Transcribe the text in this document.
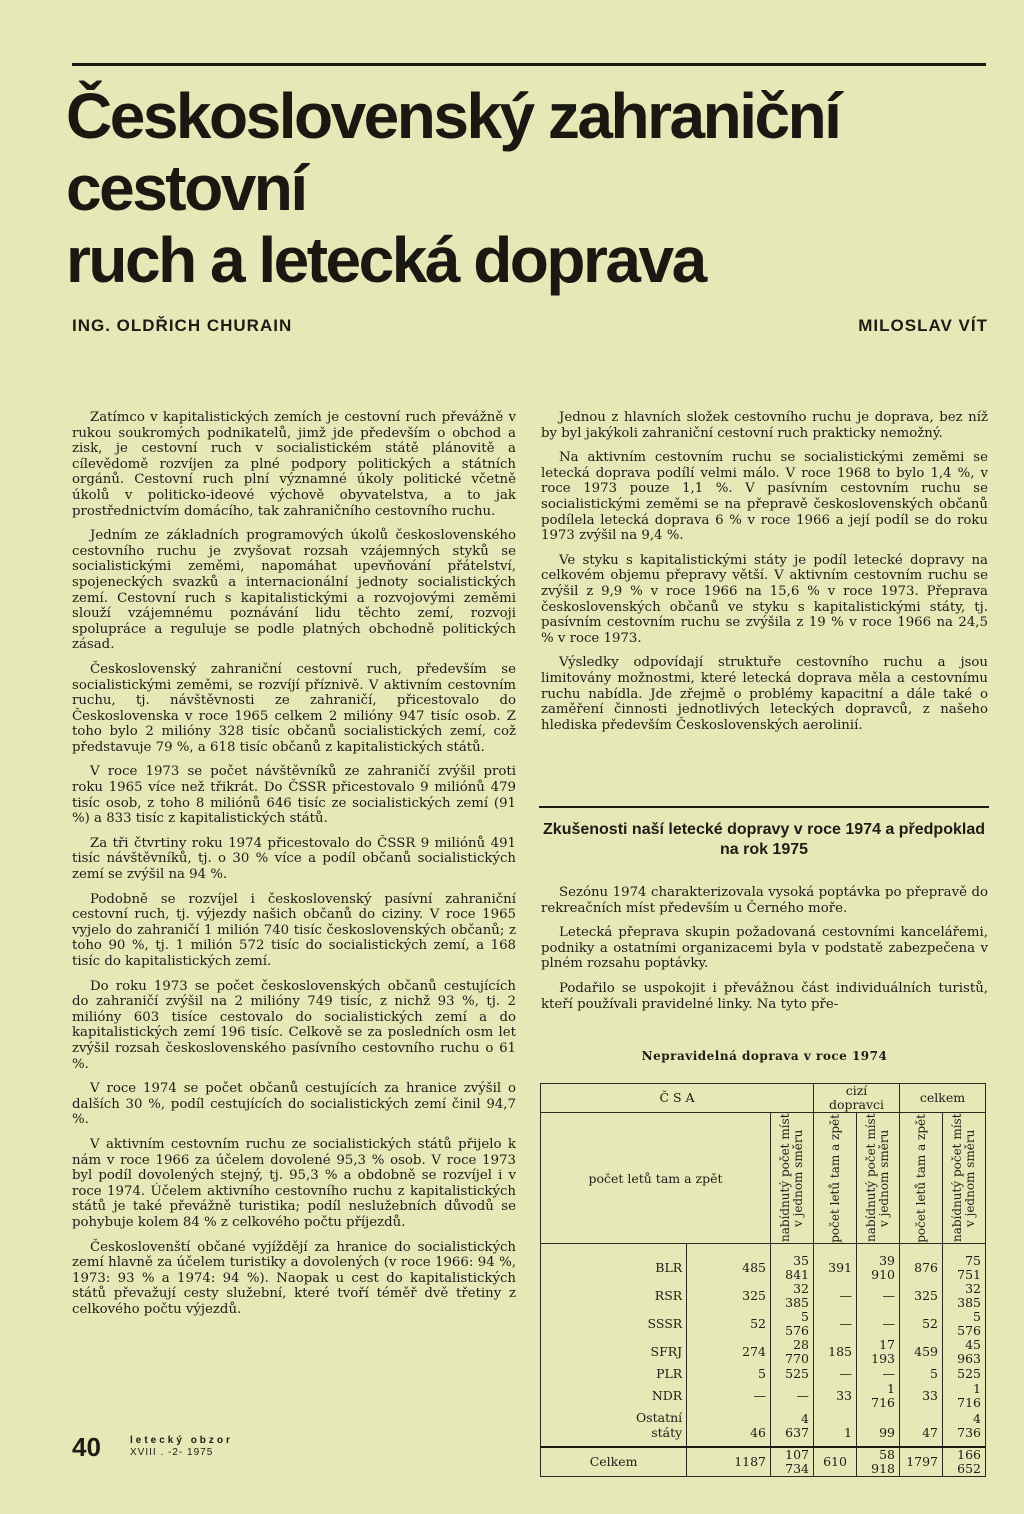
Československý zahraniční cestovní
ruch a letecká doprava
ING. OLDŘICH CHURAIN	MILOSLAV VÍT

Zatímco v kapitalistických zemích je cestovní ruch převážně v rukou soukromých podnikatelů, jimž jde především o obchod a zisk, je cestovní ruch v socialistickém státě plánovitě a cílevědomě rozvíjen za plné podpory politických a státních orgánů. Cestovní ruch plní významné úkoly politické včetně úkolů v politicko-ideové výchově obyvatelstva, a to jak prostřednictvím domácího, tak zahraničního cestovního ruchu.

Jedním ze základních programových úkolů československého cestovního ruchu je zvyšovat rozsah vzájemných styků se socialistickými zeměmi, napomáhat upevňování přátelství, spojeneckých svazků a internacionální jednoty socialistických zemí. Cestovní ruch s kapitalistickými a rozvojovými zeměmi slouží vzájemnému poznávání lidu těchto zemí, rozvoji spolupráce a reguluje se podle platných obchodně politických zásad.

Československý zahraniční cestovní ruch, především se socialistickými zeměmi, se rozvíjí příznivě. V aktivním cestovním ruchu, tj. návštěvnosti ze zahraničí, přicestovalo do Československa v roce 1965 celkem 2 milióny 947 tisíc osob. Z toho bylo 2 milióny 328 tisíc občanů socialistických zemí, což představuje 79 %, a 618 tisíc občanů z kapitalistických států.

V roce 1973 se počet návštěvníků ze zahraničí zvýšil proti roku 1965 více než třikrát. Do ČSSR přicestovalo 9 miliónů 479 tisíc osob, z toho 8 miliónů 646 tisíc ze socialistických zemí (91 %) a 833 tisíc z kapitalistických států.

Za tři čtvrtiny roku 1974 přicestovalo do ČSSR 9 miliónů 491 tisíc návštěvníků, tj. o 30 % více a podíl občanů socialistických zemí se zvýšil na 94 %.

Podobně se rozvíjel i československý pasívní zahraniční cestovní ruch, tj. výjezdy našich občanů do ciziny. V roce 1965 vyjelo do zahraničí 1 milión 740 tisíc československých občanů; z toho 90 %, tj. 1 milión 572 tisíc do socialistických zemí, a 168 tisíc do kapitalistických zemí.

Do roku 1973 se počet československých občanů cestujících do zahraničí zvýšil na 2 milióny 749 tisíc, z nichž 93 %, tj. 2 milióny 603 tisíce cestovalo do socialistických zemí a do kapitalistických zemí 196 tisíc. Celkově se za posledních osm let zvýšil rozsah československého pasívního cestovního ruchu o 61 %.

V roce 1974 se počet občanů cestujících za hranice zvýšil o dalších 30 %, podíl cestujících do socialistických zemí činil 94,7 %.

V aktivním cestovním ruchu ze socialistických států přijelo k nám v roce 1966 za účelem dovolené 95,3 % osob. V roce 1973 byl podíl dovolených stejný, tj. 95,3 % a obdobně se rozvíjel i v roce 1974. Účelem aktivního cestovního ruchu z kapitalistických států je také převážně turistika; podíl neslužebních důvodů se pohybuje kolem 84 % z celkového počtu příjezdů.

Českoslovenští občané vyjíždějí za hranice do socialistických zemí hlavně za účelem turistiky a dovolených (v roce 1966: 94 %, 1973: 93 % a 1974: 94 %). Naopak u cest do kapitalistických států převažují cesty služební, které tvoří téměř dvě třetiny z celkového počtu výjezdů.

Jednou z hlavních složek cestovního ruchu je doprava, bez níž by byl jakýkoli zahraniční cestovní ruch prakticky nemožný.

Na aktivním cestovním ruchu se socialistickými zeměmi se letecká doprava podílí velmi málo. V roce 1968 to bylo 1,4 %, v roce 1973 pouze 1,1 %. V pasívním cestovním ruchu se socialistickými zeměmi se na přepravě československých občanů podílela letecká doprava 6 % v roce 1966 a její podíl se do roku 1973 zvýšil na 9,4 %.

Ve styku s kapitalistickými státy je podíl letecké dopravy na celkovém objemu přepravy větší. V aktivním cestovním ruchu se zvýšil z 9,9 % v roce 1966 na 15,6 % v roce 1973. Přeprava československých občanů ve styku s kapitalistickými státy, tj. pasívním cestovním ruchu se zvýšila z 19 % v roce 1966 na 24,5 % v roce 1973.

Výsledky odpovídají struktuře cestovního ruchu a jsou limitovány možnostmi, které letecká doprava měla a cestovnímu ruchu nabídla. Jde zřejmě o problémy kapacitní a dále také o zaměření činnosti jednotlivých leteckých dopravců, z našeho hlediska především Československých aerolinií.

Zkušenosti naší letecké dopravy v roce 1974 a předpoklad na rok 1975

Sezónu 1974 charakterizovala vysoká poptávka po přepravě do rekreačních míst především u Černého moře.

Letecká přeprava skupin požadovaná cestovními kancelářemi, podniky a ostatními organizacemi byla v podstatě zabezpečena v plném rozsahu poptávky.

Podařilo se uspokojit i převážnou část individuálních turistů, kteří používali pravidelné linky. Na tyto pře-

Nepravidelná doprava v roce 1974
Č S A			cizí dopravci		celkem	
počet letů tam a zpět		nabídnutý počet míst v jednom směru	počet letů tam a zpět	nabídnutý počet míst v jednom směru	počet letů tam a zpět	nabídnutý počet míst v jednom směru

BLR	485	35 841	391	39 910	876	75 751
RSR	325	32 385	—	—	325	32 385
SSSR	52	5 576	—	—	52	5 576
SFRJ	274	28 770	185	17 193	459	45 963
PLR	5	525	—	—	5	525
NDR	—	—	33	1 716	33	1 716
Ostatní
státy	46	4 637	1	99	47	4 736
Celkem	1187	107 734	610	58 918	1797	166 652
40	letecký obzor
XVIII . -2- 1975
